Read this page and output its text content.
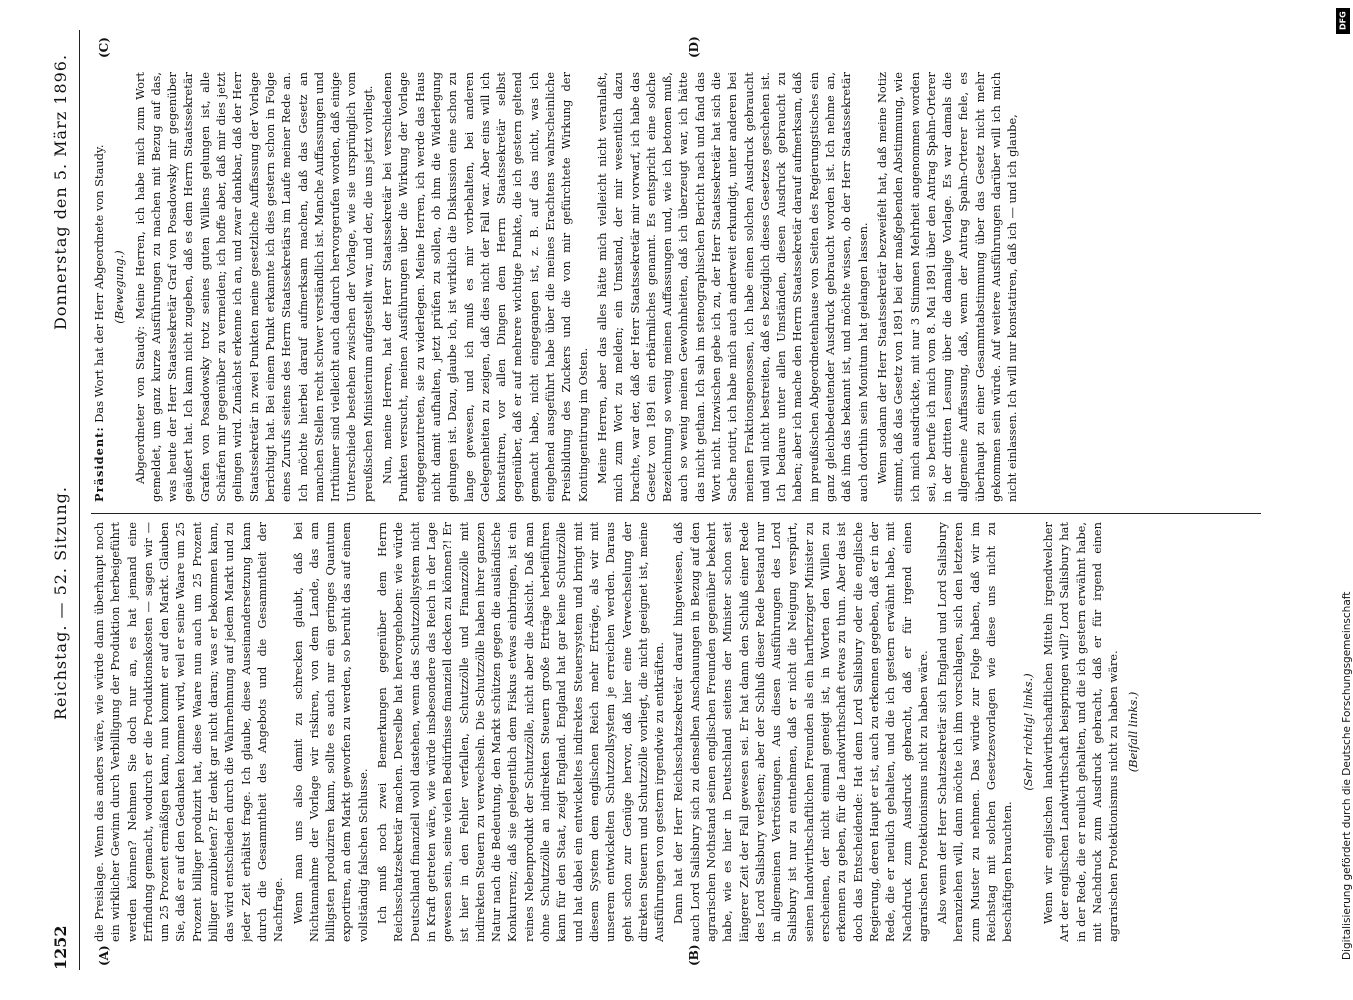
1252
Reichstag. — 52. Sitzung.
Donnerstag den 5. März 1896.
(A)	(B)
(C)	(D)

die Preislage. Wenn das anders wäre, wie würde dann überhaupt noch ein wirklicher Gewinn durch Verbilligung der Produktion herbeigeführt werden können? Nehmen Sie doch nur an, es hat jemand eine Erfindung gemacht, wodurch er die Produktionskosten — sagen wir — um 25 Prozent ermäßigen kann, nun kommt er auf den Markt. Glauben Sie, daß er auf den Gedanken kommen wird, weil er seine Waare um 25 Prozent billiger produzirt hat, diese Waare nun auch um 25 Prozent billiger anzubieten? Er denkt gar nicht daran; was er bekommen kann, das wird entschieden durch die Wahrnehmung auf jedem Markt und zu jeder Zeit erhältst frage. Ich glaube, diese Auseinandersetzung kann durch die Gesammtheit des Angebots und die Gesammtheit der Nachfrage. Wenn man uns also damit zu schrecken glaubt, daß bei Nichtannahme der Vorlage wir riskiren, von dem Lande, das am billigsten produziren kann, sollte es auch nur ein geringes Quantum exportiren, an dem Markt geworfen zu werden, so beruht das auf einem vollständig falschen Schlusse. Ich muß noch zwei Bemerkungen gegenüber dem Herrn Reichsschatzsekretär machen. Derselbe hat hervorgehoben: wie würde Deutschland finanziell wohl dastehen, wenn das Schutzzollsystem nicht in Kraft getreten wäre, wie würde insbesondere das Reich in der Lage gewesen sein, seine vielen Bedürfnisse finanziell decken zu können?! Er ist hier in den Fehler verfallen, Schutzzölle und Finanzzölle mit indirekten Steuern zu verwechseln. Die Schutzzölle haben ihrer ganzen Natur nach die Bedeutung, den Markt schützen gegen die ausländische Konkurrenz; daß sie gelegentlich dem Fiskus etwas einbringen, ist ein reines Nebenprodukt der Schutzzölle, nicht aber die Absicht. Daß man ohne Schutzzölle an indirekten Steuern große Erträge herbeiführen kann für den Staat, zeigt England. England hat gar keine Schutzzölle und hat dabei ein entwickeltes indirektes Steuersystem und bringt mit diesem System dem englischen Reich mehr Erträge, als wir mit unserem entwickelten Schutzzollsystem je erreichen werden. Daraus geht schon zur Genüge hervor, daß hier eine Verwechselung der direkten Steuern und Schutzzölle vorliegt, die nicht geeignet ist, meine Ausführungen von gestern irgendwie zu entkräften. Dann hat der Herr Reichsschatzsekretär darauf hingewiesen, daß auch Lord Salisbury sich zu denselben Anschauungen in Bezug auf den agrarischen Nothstand seinen englischen Freunden gegenüber bekehrt habe, wie es hier in Deutschland seitens der Minister schon seit längerer Zeit der Fall gewesen sei. Er hat dann den Schluß einer Rede des Lord Salisbury verlesen; aber der Schluß dieser Rede bestand nur in allgemeinen Vertröstungen. Aus diesen Ausführungen des Lord Salisbury ist nur zu entnehmen, daß er nicht die Neigung verspürt, seinen landwirthschaftlichen Freunden als ein hartherziger Minister zu erscheinen, der nicht einmal geneigt ist, in Worten den Willen zu erkennen zu geben, für die Landwirthschaft etwas zu thun. Aber das ist doch das Entscheidende: Hat denn Lord Salisbury oder die englische Regierung, deren Haupt er ist, auch zu erkennen gegeben, daß er in der Rede, die er neulich gehalten, und die ich gestern erwähnt habe, mit Nachdruck zum Ausdruck gebracht, daß er für irgend einen agrarischen Protektionismus nicht zu haben wäre. Also wenn der Herr Schatzsekretär sich England und Lord Salisbury heranziehen will, dann möchte ich ihm vorschlagen, sich den letzteren zum Muster zu nehmen. Das würde zur Folge haben, daß wir im Reichstag mit solchen Gesetzesvorlagen wie diese uns nicht zu beschäftigen brauchten.

(Sehr richtig! links.) Wenn wir englischen landwirthschaftlichen Mitteln irgendwelcher Art der englischen Landwirthschaft beispringen will? Lord Salisbury hat in der Rede, die er neulich gehalten, und die ich gestern erwähnt habe, mit Nachdruck zum Ausdruck gebracht, daß er für irgend einen agrarischen Protektionismus nicht zu haben wäre. (Beifall links.)

Präsident: Das Wort hat der Herr Abgeordnete von Staudy. (Bewegung.) Abgeordneter von Staudy: Meine Herren, ich habe mich zum Wort gemeldet, um ganz kurze Ausführungen zu machen mit Bezug auf das, was heute der Herr Staatssekretär Graf von Posadowsky mir gegenüber geäußert hat. Ich kann nicht zugeben, daß es dem Herrn Staatssekretär Grafen von Posadowsky trotz seines guten Willens gelungen ist, alle Schärfen mir gegenüber zu vermeiden; ich hoffe aber, daß mir dies jetzt gelingen wird. Zunächst erkenne ich an, und zwar dankbar, daß der Herr Staatssekretär in zwei Punkten meine gesetzliche Auffassung der Vorlage berichtigt hat. Bei einem Punkt erkannte ich dies gestern schon in Folge eines Zurufs seitens des Herrn Staatssekretärs im Laufe meiner Rede an. Ich möchte hierbei darauf aufmerksam machen, daß das Gesetz an manchen Stellen recht schwer verständlich ist. Manche Auffassungen und Irrthümer sind vielleicht auch dadurch hervorgerufen worden, daß einige Unterschiede bestehen zwischen der Vorlage, wie sie ursprünglich vom preußischen Ministerium aufgestellt war, und der, die uns jetzt vorliegt. Nun, meine Herren, hat der Herr Staatssekretär bei verschiedenen Punkten versucht, meinen Ausführungen über die Wirkung der Vorlage entgegenzutreten, sie zu widerlegen. Meine Herren, ich werde das Haus nicht damit aufhalten, jetzt prüfen zu sollen, ob ihm die Widerlegung gelungen ist. Dazu, glaube ich, ist wirklich die Diskussion eine schon zu lange gewesen, und ich muß es mir vorbehalten, bei anderen Gelegenheiten zu zeigen, daß dies nicht der Fall war. Aber eins will ich konstatiren, vor allen Dingen dem Herrn Staatssekretär selbst gegenüber, daß er auf mehrere wichtige Punkte, die ich gestern geltend gemacht habe, nicht eingegangen ist, z. B. auf das nicht, was ich eingehend ausgeführt habe über die meines Erachtens wahrscheinliche Preisbildung des Zuckers und die von mir gefürchtete Wirkung der Kontingentirung im Osten. Meine Herren, aber das alles hätte mich vielleicht nicht veranlaßt, mich zum Wort zu melden; ein Umstand, der mir wesentlich dazu brachte, war der, daß der Herr Staatssekretär mir vorwarf, ich habe das Gesetz von 1891 ein erbärmliches genannt. Es entspricht eine solche Bezeichnung so wenig meinen Auffassungen und, wie ich betonen muß, auch so wenig meinen Gewohnheiten, daß ich überzeugt war, ich hätte das nicht gethan. Ich sah im stenographischen Bericht nach und fand das Wort nicht. Inzwischen gebe ich zu, der Herr Staatssekretär hat sich die Sache notirt, ich habe mich auch anderweit erkundigt, unter anderen bei meinen Fraktionsgenossen, ich habe einen solchen Ausdruck gebraucht und will nicht bestreiten, daß es bezüglich dieses Gesetzes geschehen ist. Ich bedaure unter allen Umständen, diesen Ausdruck gebraucht zu haben; aber ich mache den Herrn Staatssekretär darauf aufmerksam, daß im preußischen Abgeordnetenhause von Seiten des Regierungstisches ein ganz gleichbedeutender Ausdruck gebraucht worden ist. Ich nehme an, daß ihm das bekannt ist, und möchte wissen, ob der Herr Staatssekretär auch dorthin sein Monitum hat gelangen lassen. Wenn sodann der Herr Staatssekretär bezweifelt hat, daß meine Notiz stimmt, daß das Gesetz von 1891 bei der maßgebenden Abstimmung, wie ich mich ausdrückte, mit nur 3 Stimmen Mehrheit angenommen worden sei, so berufe ich mich vom 8. Mai 1891 über den Antrag Spahn-Orterer in der dritten Lesung über die damalige Vorlage. Es war damals die allgemeine Auffassung, daß, wenn der Antrag Spahn-Orterer fiele, es überhaupt zu einer Gesammtabstimmung über das Gesetz nicht mehr gekommen sein würde. Auf weitere Ausführungen darüber will ich mich nicht einlassen. Ich will nur konstatiren, daß ich — und ich glaube,

DFG
Digitalisierung gefördert durch die Deutsche Forschungsgemeinschaft
